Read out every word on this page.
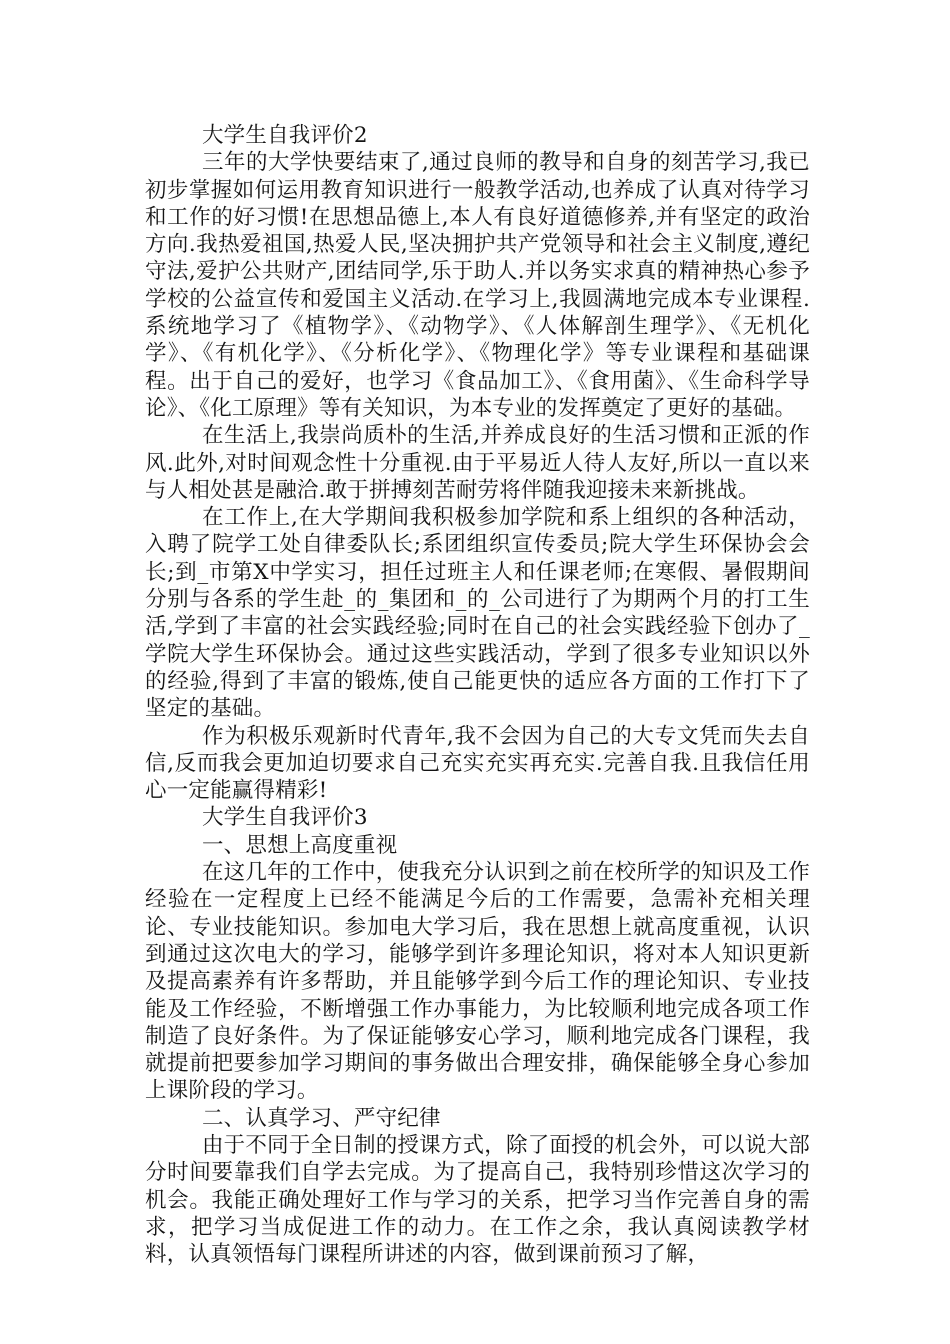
大学生自我评价2

三年的大学快要结束了,通过良师的教导和自身的刻苦学习,我已初步掌握如何运用教育知识进行一般教学活动,也养成了认真对待学习和工作的好习惯!在思想品德上,本人有良好道德修养,并有坚定的政治方向.我热爱祖国,热爱人民,坚决拥护共产党领导和社会主义制度,遵纪守法,爱护公共财产,团结同学,乐于助人.并以务实求真的精神热心参予学校的公益宣传和爱国主义活动.在学习上,我圆满地完成本专业课程.系统地学习了《植物学》、《动物学》、《人体解剖生理学》、《无机化学》、《有机化学》、《分析化学》、《物理化学》等专业课程和基础课程。出于自己的爱好，也学习《食品加工》、《食用菌》、《生命科学导论》、《化工原理》等有关知识，为本专业的发挥奠定了更好的基础。

在生活上,我崇尚质朴的生活,并养成良好的生活习惯和正派的作风.此外,对时间观念性十分重视.由于平易近人待人友好,所以一直以来与人相处甚是融洽.敢于拼搏刻苦耐劳将伴随我迎接未来新挑战。

在工作上,在大学期间我积极参加学院和系上组织的各种活动，入聘了院学工处自律委队长;系团组织宣传委员;院大学生环保协会会长;到_市第X中学实习，担任过班主人和任课老师;在寒假、暑假期间分别与各系的学生赴_的_集团和_的_公司进行了为期两个月的打工生活,学到了丰富的社会实践经验;同时在自己的社会实践经验下创办了_学院大学生环保协会。通过这些实践活动，学到了很多专业知识以外的经验,得到了丰富的锻炼,使自己能更快的适应各方面的工作打下了坚定的基础。

作为积极乐观新时代青年,我不会因为自己的大专文凭而失去自信,反而我会更加迫切要求自己充实充实再充实.完善自我.且我信任用心一定能赢得精彩!

大学生自我评价3

一、思想上高度重视

在这几年的工作中，使我充分认识到之前在校所学的知识及工作经验在一定程度上已经不能满足今后的工作需要，急需补充相关理论、专业技能知识。参加电大学习后，我在思想上就高度重视，认识到通过这次电大的学习，能够学到许多理论知识，将对本人知识更新及提高素养有许多帮助，并且能够学到今后工作的理论知识、专业技能及工作经验，不断增强工作办事能力，为比较顺利地完成各项工作制造了良好条件。为了保证能够安心学习，顺利地完成各门课程，我就提前把要参加学习期间的事务做出合理安排，确保能够全身心参加上课阶段的学习。

二、认真学习、严守纪律

由于不同于全日制的授课方式，除了面授的机会外，可以说大部分时间要靠我们自学去完成。为了提高自己，我特别珍惜这次学习的机会。我能正确处理好工作与学习的关系，把学习当作完善自身的需求，把学习当成促进工作的动力。在工作之余，我认真阅读教学材料，认真领悟每门课程所讲述的内容，做到课前预习了解，
